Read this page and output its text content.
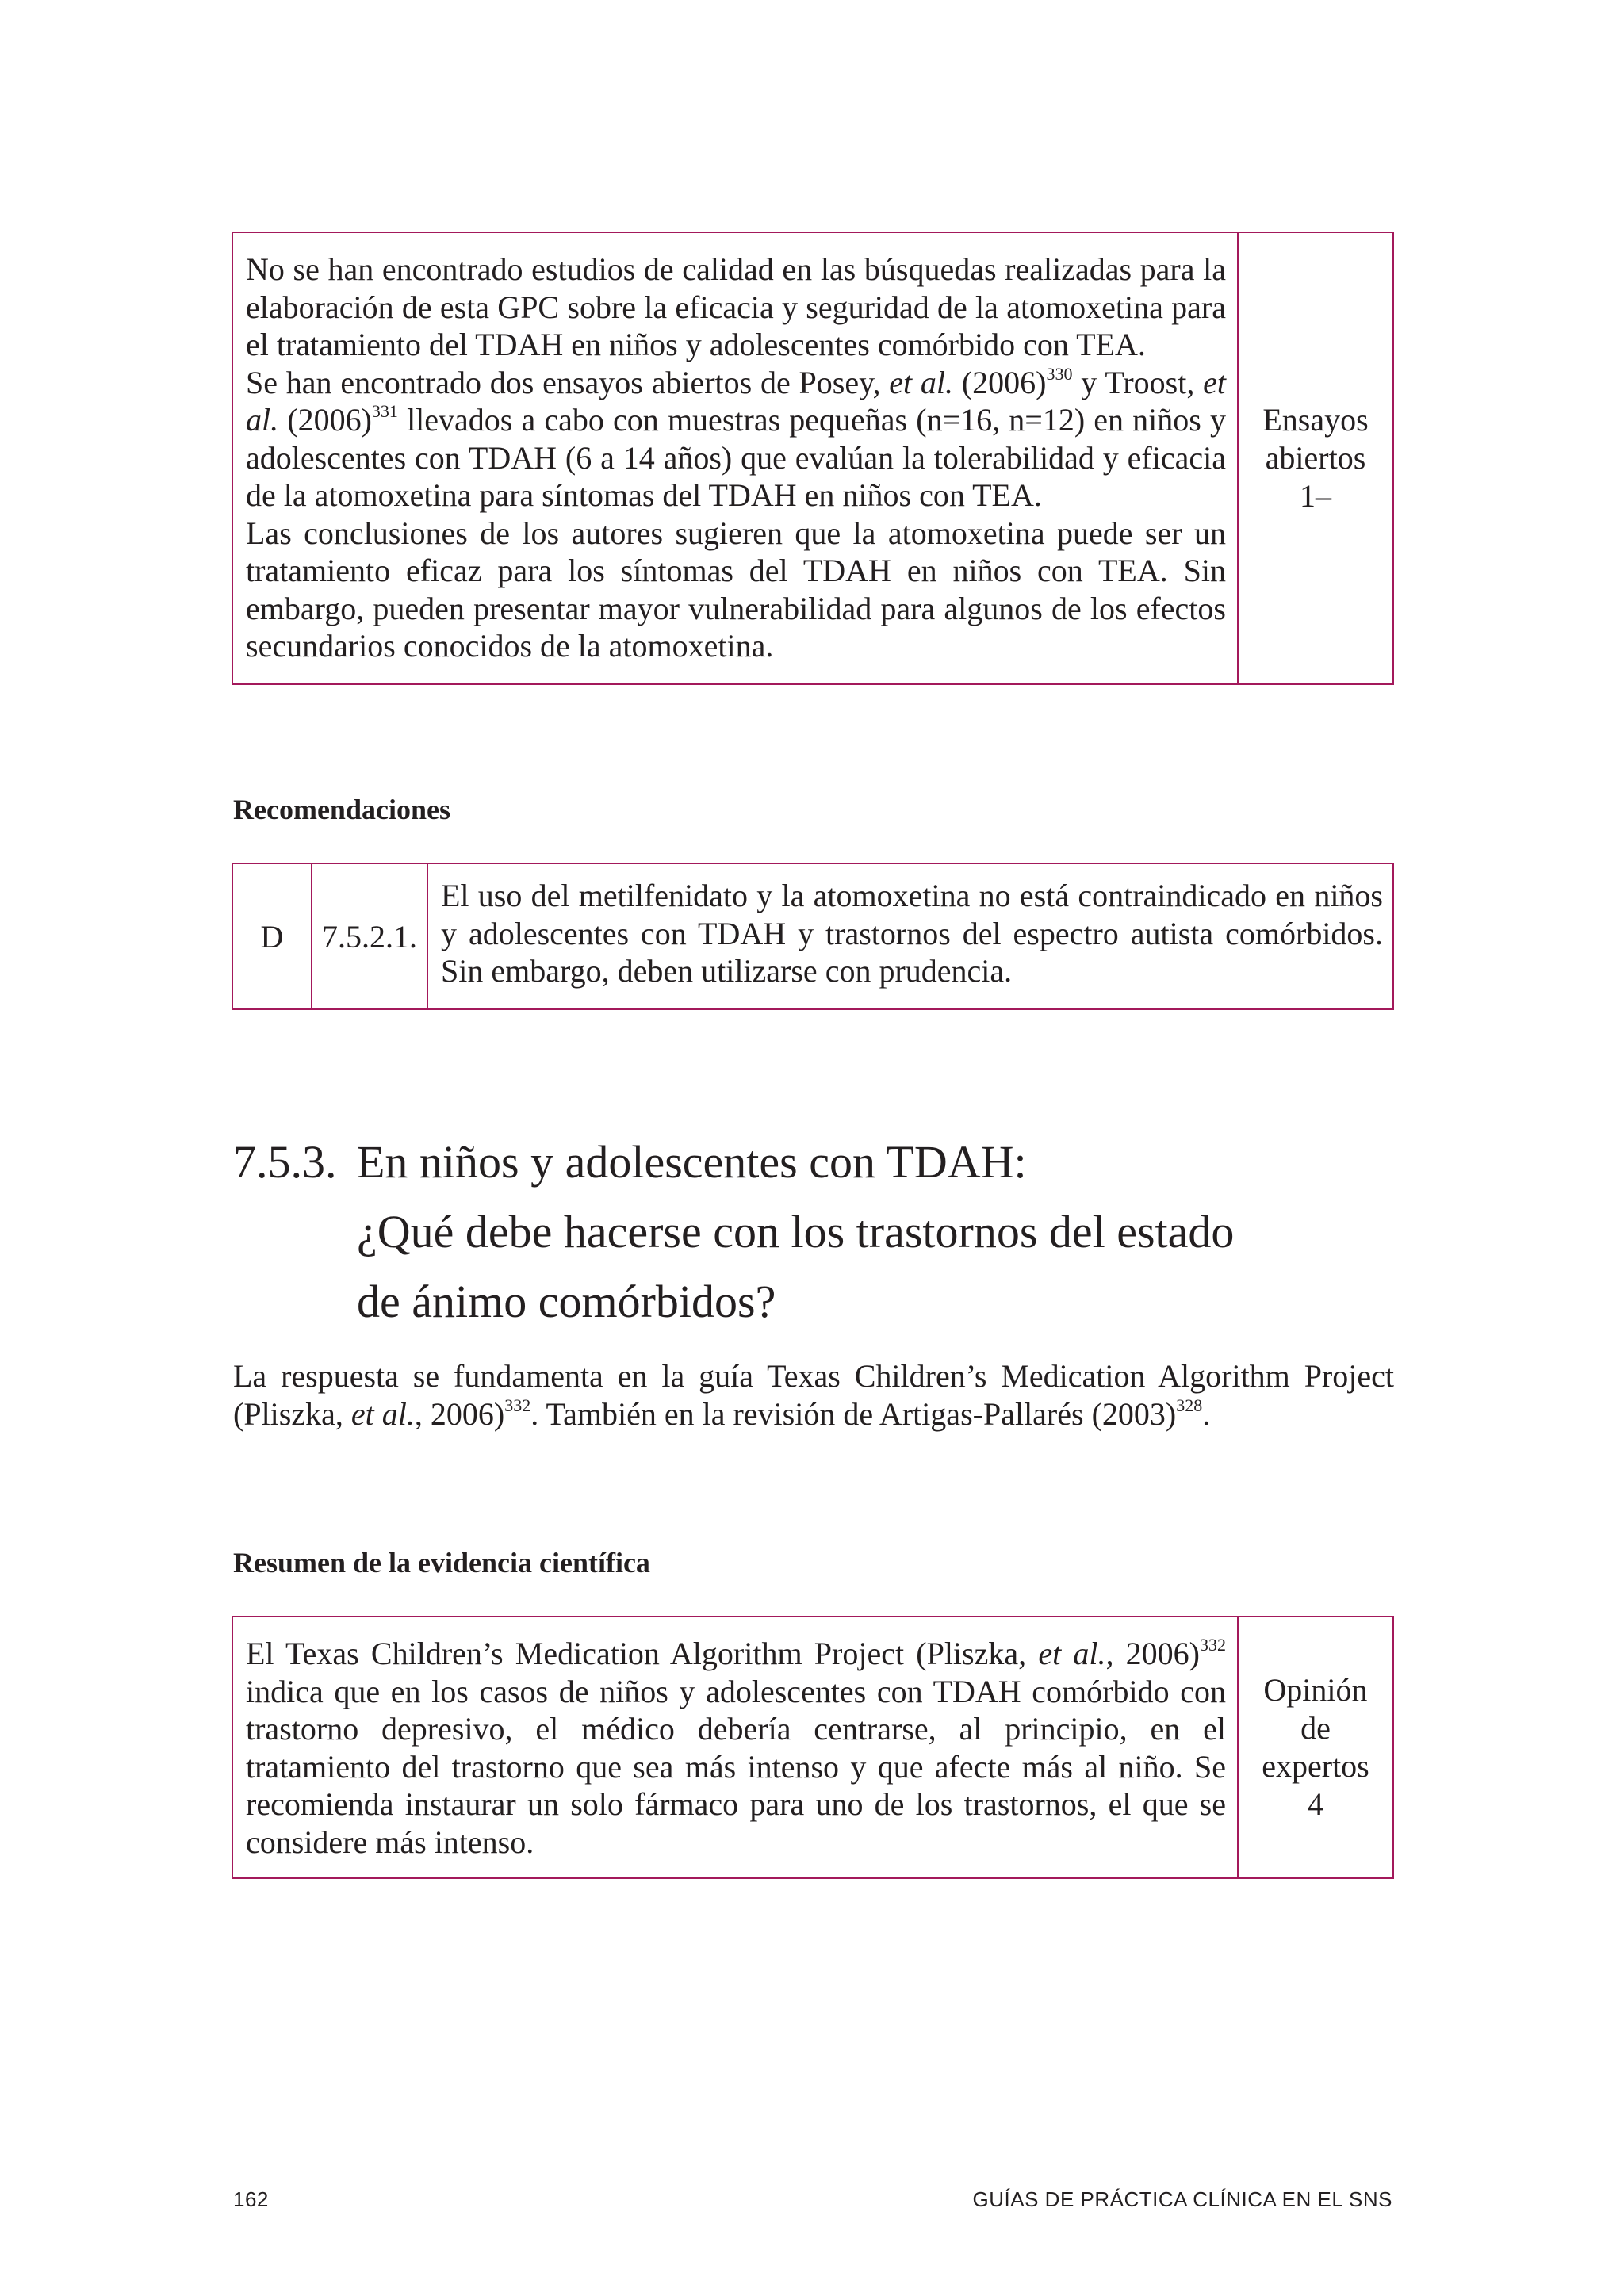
No se han encontrado estudios de calidad en las búsquedas realizadas para la elaboración de esta GPC sobre la eficacia y seguridad de la atomoxetina para el tratamiento del TDAH en niños y adolescentes comórbido con TEA.

Se han encontrado dos ensayos abiertos de Posey, et al. $(2006)^{330}$ y Troost, et al. $(2006)^{331}$ llevados a cabo con muestras pequeñas (n=16, n=12) en niños y adolescentes con TDAH (6 a 14 años) que evalúan la tolerabilidad y eficacia de la atomoxetina para síntomas del TDAH en niños con TEA.

Las conclusiones de los autores sugieren que la atomoxetina puede ser un tratamiento eficaz para los síntomas del TDAH en niños con TEA. Sin embargo, pueden presentar mayor vulnerabilidad para algunos de los efectos secundarios conocidos de la atomoxetina.

Ensayos
abiertos
1–
Recomendaciones
D	7.5.2.1.
El uso del metilfenidato y la atomoxetina no está contraindicado en niños y adolescentes con TDAH y trastornos del espectro autista comórbidos. Sin embargo, deben utilizarse con prudencia.
7.5.3. En niños y adolescentes con TDAH:
¿Qué debe hacerse con los trastornos del estado
de ánimo comórbidos?

La respuesta se fundamenta en la guía Texas Children’s Medication Algorithm Project (Pliszka, et al., 2006)$^{332}$. También en la revisión de Artigas-Pallarés $(2003)^{328}$.

Resumen de la evidencia científica

El Texas Children’s Medication Algorithm Project (Pliszka, et al., 2006)$^{332}$ indica que en los casos de niños y adolescentes con TDAH comórbido con trastorno depresivo, el médico debería centrarse, al principio, en el tratamiento del trastorno que sea más intenso y que afecte más al niño. Se recomienda instaurar un solo fármaco para uno de los trastornos, el que se considere más intenso.

Opinión
de
expertos
4
162	GUÍAS DE PRÁCTICA CLÍNICA EN EL SNS
